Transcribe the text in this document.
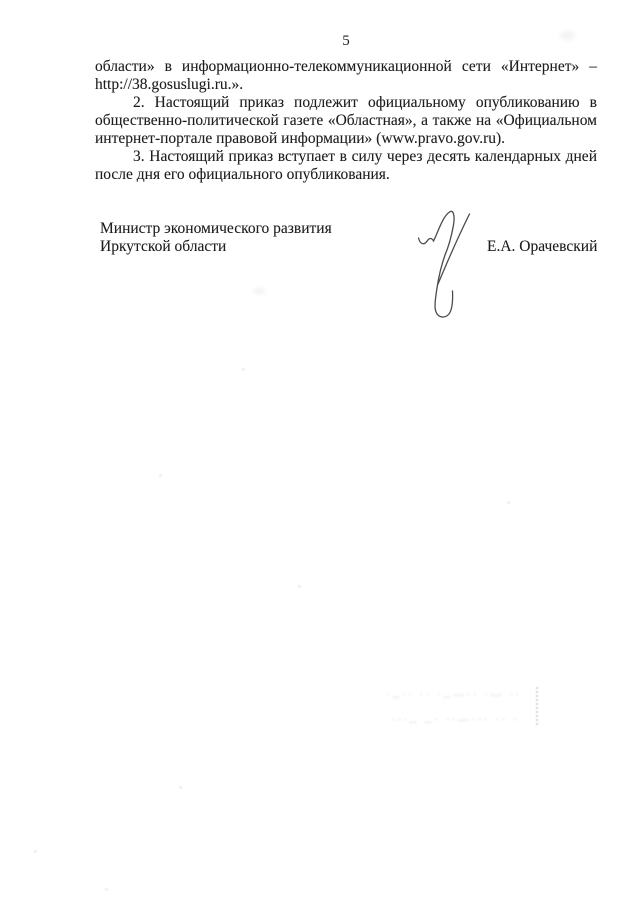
5
области» в информационно-телекоммуникационной сети «Интернет» –
http://38.gosuslugi.ru.».
2. Настоящий приказ подлежит официальному опубликованию в
общественно-политической газете «Областная», а также на «Официальном
интернет-портале правовой информации» (www.pravo.gov.ru).
3. Настоящий приказ вступает в силу через десять календарных дней
после дня его официального опубликования.
Министр экономического развития
Иркутской области	Е.А. Орачевский
·‥·· ·· ·‥―·· ·― ··
···‥ ‥· ··―··· ·· ·
